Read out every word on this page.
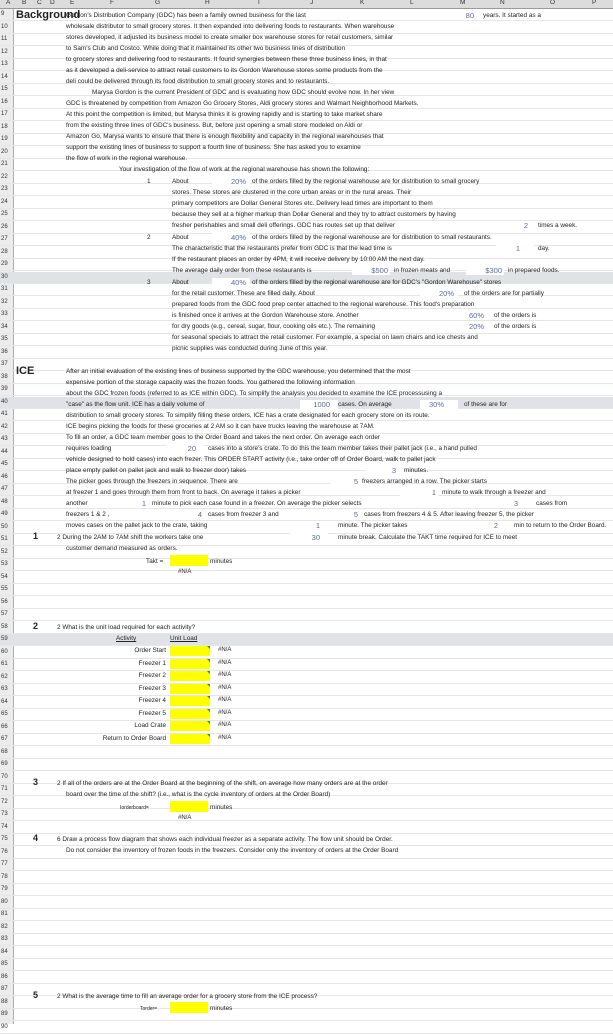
A B C D E	F	G	H	I	J	K	L	M	N	O	P
9
10
11
12
13
14
15
16
17
18
19
20
21
22
23
24
25
26
27
28
29
30
31
32
33
34
35
36
37
38
39
40
41
42
43
44
45
46
47
48
49
50
51
52
53
54
55
56
57
58
59
60
61
62
63
64
65
66
67
68
69
70
71
72
73
74
75
76
77
78
79
80
81
82
83
84
85
86
87
88
89
90
Background
Gordon's Distribution Company (GDC) has been a family owned business for the last	80 years. It started as a
wholesale distributor to small grocery stores. It then expanded into delivering foods to restaurants. When warehouse
stores developed, it adjusted its business model to create smaller box warehouse stores for retail customers, similar
to Sam's Club and Costco. While doing that it maintained its other two business lines of distribution
to grocery stores and delivering food to restaurants. It found synergies between these three business lines, in that
as it developed a deli-service to attract retail customers to its Gordon Warehouse stores some products from the
deli could be delivered through its food distribution to small grocery stores and to restaurants.
Marysa Gordon is the current President of GDC and is evaluating how GDC should evolve now. In her view
GDC is threatened by competition from Amazon Go Grocery Stores, Aldi grocery stores and Walmart Neighborhood Markets.
At this point the competition is limited, but Marysa thinks it is growing rapidly and is starting to take market share
from the existing three lines of GDC's business. But, before just opening a small store modeled on Aldi or
Amazon Go, Marysa wants to ensure that there is enough flexibility and capacity in the regional warehouses that
support the existing lines of business to support a fourth line of business. She has asked you to examine
the flow of work in the regional warehouse.
Your investigation of the flow of work at the regional warehouse has shown the following:
1	About	20% of the orders filled by the regional warehouse are for distribution to small grocery
stores. These stores are clustered in the core urban areas or in the rural areas. Their
primary competitors are Dollar General Stores etc. Delivery lead times are important to them
because they sell at a higher markup than Dollar General and they try to attract customers by having
fresher perishables and small deli offerings. GDC has routes set up that deliver	2 times a week.
2	About	40% of the orders filled by the regional warehouse are for distribution to small restaurants.
The characteristic that the restaurants prefer from GDC is that the lead time is	1	day.
If the restaurant places an order by 4PM, it will receive delivery by 10:00 AM the next day.
The average daily order from these restaurants is	$500 in frozen meats and	$300 in prepared foods.
3	About	40% of the orders filled by the regional warehouse are for GDC's "Gordon Warehouse" stores
for the retail customer. These are filled daily. About	20% of the orders are for partially
prepared foods from the GDC food prep center attached to the regional warehouse. This food's preparation
is finished once it arrives at the Gordon Warehouse store. Another	60% of the orders is
for dry goods (e.g., cereal, sugar, flour, cooking oils etc.). The remaining	20% of the orders is
for seasonal specials to attract the retail customer. For example, a special on lawn chairs and ice chests and
picnic supplies was conducted during June of this year.
ICE	After an initial evaluation of the existing lines of business supported by the GDC warehouse, you determined that the most
expensive portion of the storage capacity was the frozen foods. You gathered the following information
about the GDC frozen foods (referred to as ICE within GDC). To simplify the analysis you decided to examine the ICE processusing a
"case" as the flow unit. ICE has a daily volume of	1000 cases. On average	30%	of these are for
distribution to small grocery stores. To simplify filling these orders, ICE has a crate designated for each grocery store on its route.
ICE begins picking the foods for these groceries at 2 AM so it can have trucks leaving the warehouse at 7AM.
To fill an order, a GDC team member goes to the Order Board and takes the next order. On average each order
requires loading	20 cases into a store's crate. To do this the team member takes their pallet jack (i.e., a hand pulled
vehicle designed to hold cases) into each frezer. This ORDER START activity (i.e., take order off of Order Board, walk to pallet jack
place empty pallet on pallet jack and walk to freezer door) takes	3 minutes.
The picker goes through the freezers in sequence. There are	5 freezers arranged in a row. The picker starts
at freezer 1 and goes through them from front to back. On average it takes a picker	1 minute to walk through a freezer and
another	1 minute to pick each case found in a freezer. On average the picker selects	3	cases from
freezers 1 & 2 ,	4 cases from freezer 3 and	5 cases from freezers 4 & 5. After leaving freezer 5, the picker
moves cases on the pallet jack to the crate, taking	1	minute. The picker takes	2	min to return to the Order Board.
1	2 During the 2AM to 7AM shift the workers take one	30	minute break. Calculate the TAKT time required for ICE to meet
customer demand measured as orders.
Takt =	minutes
#N/A
2	2 What is the unit load required for each activity?
Activity	Unit Load
Order Start	#N/A
Freezer 1	#N/A
Freezer 2	#N/A
Freezer 3	#N/A
Freezer 4	#N/A
Freezer 5	#N/A
Load Crate	#N/A
Return to Order Board	#N/A
3	2 If all of the orders are at the Order Board at the beginning of the shift, on average how many orders are at the order
board over the time of the shift? (i.e., what is the cycle inventory of orders at the Order Board)
Iorderboard=	minutes
#N/A
4	6 Draw a process flow diagram that shows each individual freezer as a separate activity. The flow unit should be Order.
Do not consider the inventory of frozen foods in the freezers. Consider only the inventory of orders at the Order Board
5	2 What is the average time to fill an average order for a grocery store from the ICE process?
Torder=	minutes
